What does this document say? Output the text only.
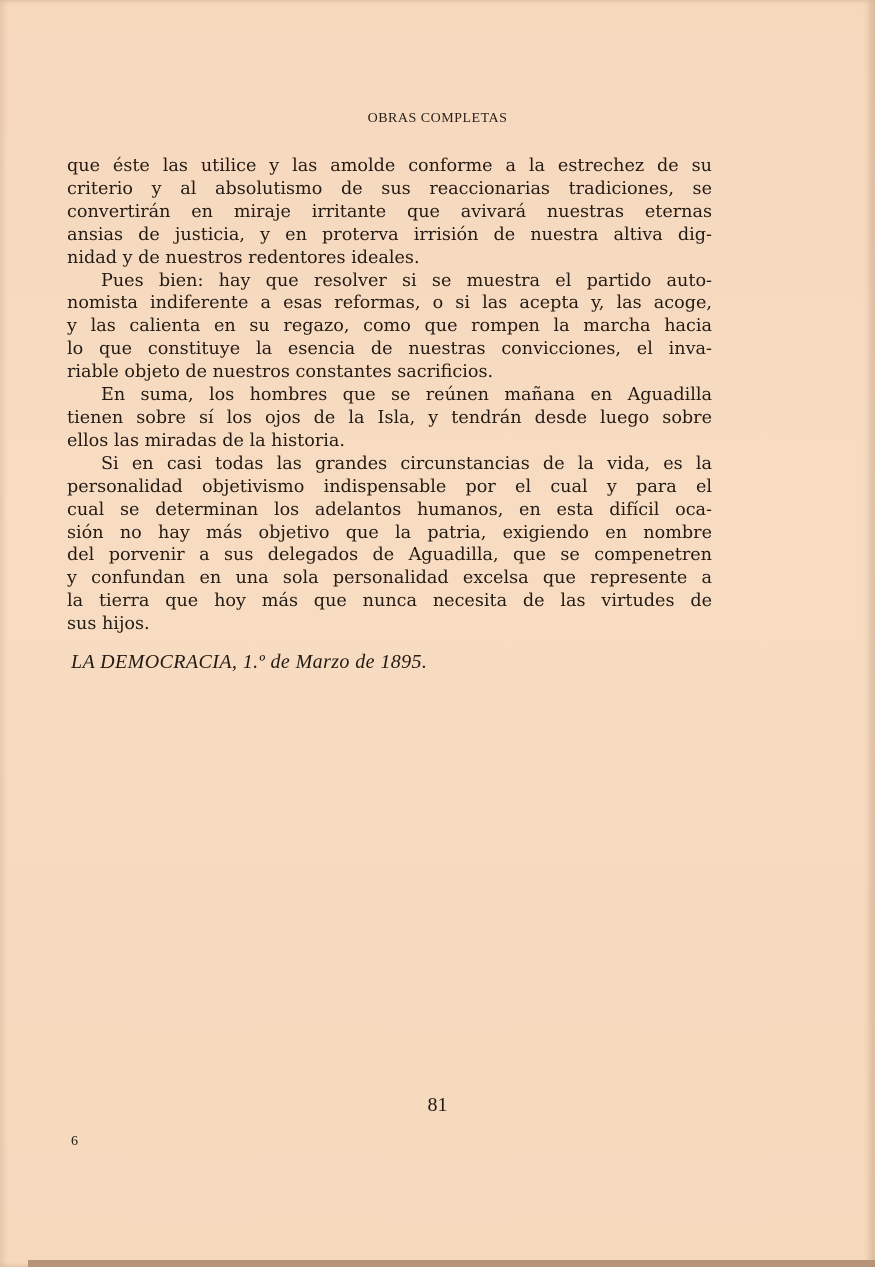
OBRAS COMPLETAS
que éste las utilice y las amolde conforme a la estrechez de su
criterio y al absolutismo de sus reaccionarias tradiciones, se
convertirán en miraje irritante que avivará nuestras eternas
ansias de justicia, y en proterva irrisión de nuestra altiva dig-
nidad y de nuestros redentores ideales.
Pues bien: hay que resolver si se muestra el partido auto-
nomista indiferente a esas reformas, o si las acepta y, las acoge,
y las calienta en su regazo, como que rompen la marcha hacia
lo que constituye la esencia de nuestras convicciones, el inva-
riable objeto de nuestros constantes sacrificios.
En suma, los hombres que se reúnen mañana en Aguadilla
tienen sobre sí los ojos de la Isla, y tendrán desde luego sobre
ellos las miradas de la historia.
Si en casi todas las grandes circunstancias de la vida, es la
personalidad objetivismo indispensable por el cual y para el
cual se determinan los adelantos humanos, en esta difícil oca-
sión no hay más objetivo que la patria, exigiendo en nombre
del porvenir a sus delegados de Aguadilla, que se compenetren
y confundan en una sola personalidad excelsa que represente a
la tierra que hoy más que nunca necesita de las virtudes de
sus hijos.
LA DEMOCRACIA, 1.º de Marzo de 1895.
81
6
